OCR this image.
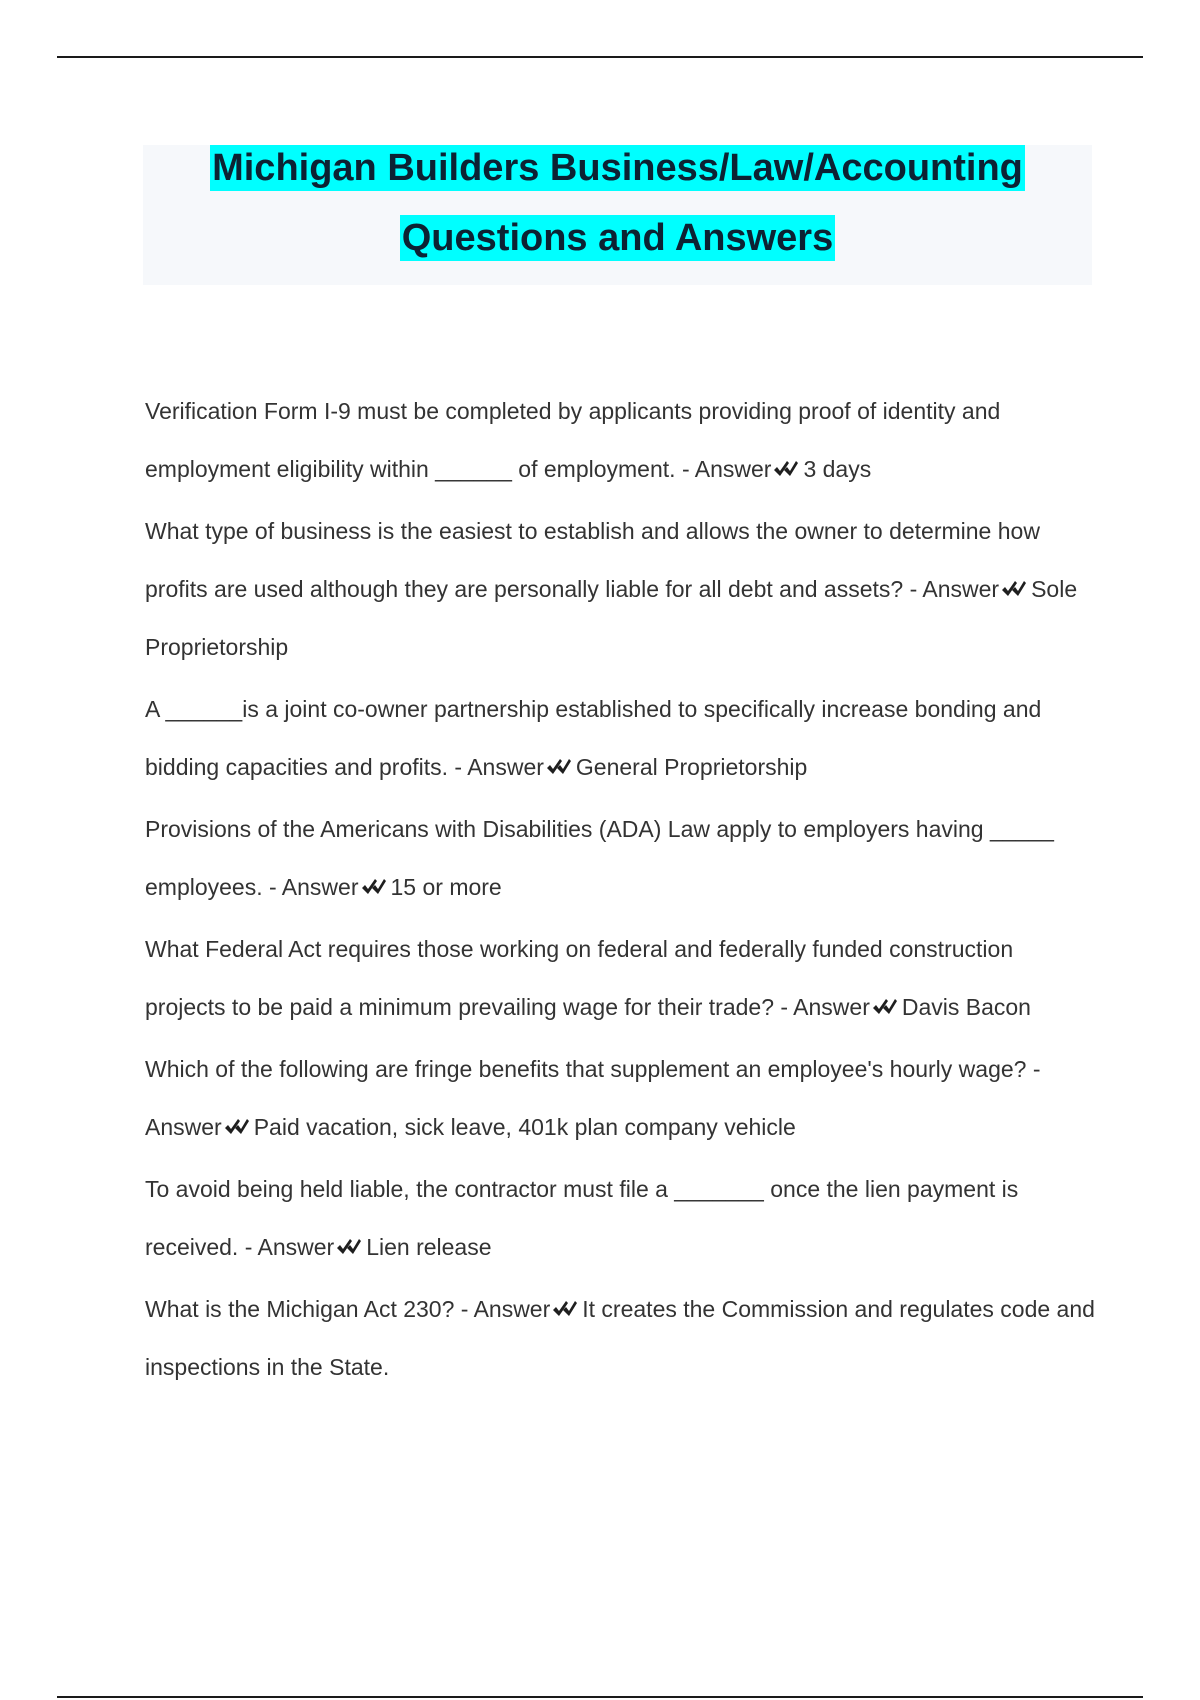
Michigan Builders Business/Law/Accounting
Questions and Answers

Verification Form I-9 must be completed by applicants providing proof of identity and employment eligibility within ______ of employment. - Answer 3 days

What type of business is the easiest to establish and allows the owner to determine how profits are used although they are personally liable for all debt and assets? - Answer Sole Proprietorship

A ______is a joint co-owner partnership established to specifically increase bonding and bidding capacities and profits. - Answer General Proprietorship

Provisions of the Americans with Disabilities (ADA) Law apply to employers having _____ employees. - Answer 15 or more

What Federal Act requires those working on federal and federally funded construction projects to be paid a minimum prevailing wage for their trade? - Answer Davis Bacon

Which of the following are fringe benefits that supplement an employee's hourly wage? - Answer Paid vacation, sick leave, 401k plan company vehicle

To avoid being held liable, the contractor must file a _______ once the lien payment is received. - Answer Lien release

What is the Michigan Act 230? - Answer It creates the Commission and regulates code and inspections in the State.
